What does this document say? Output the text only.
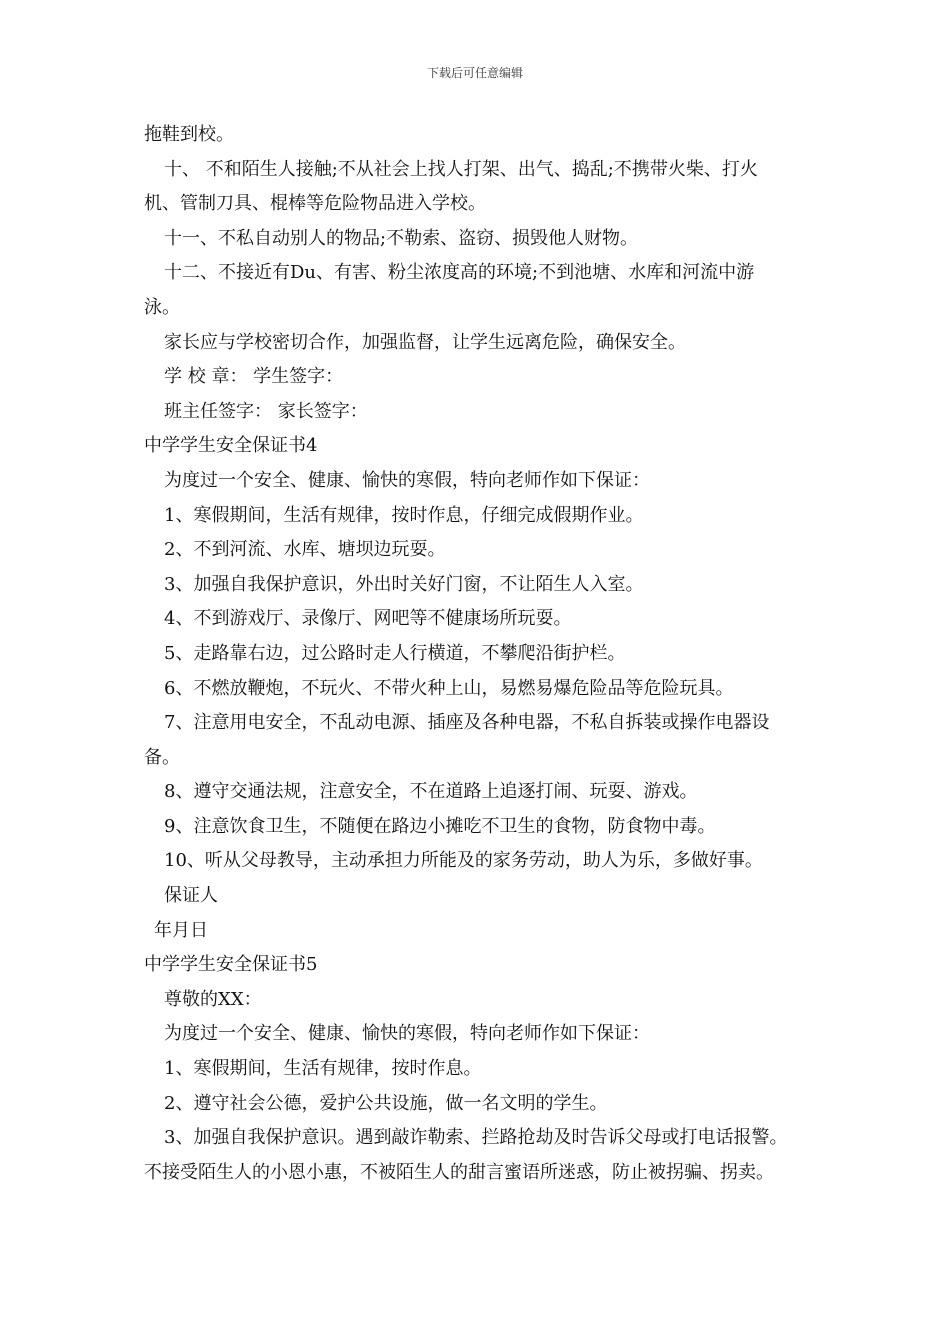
下载后可任意编辑
拖鞋到校。
十、 不和陌生人接触;不从社会上找人打架、出气、捣乱;不携带火柴、打火
机、管制刀具、棍棒等危险物品进入学校。
十一、不私自动别人的物品;不勒索、盗窃、损毁他人财物。
十二、不接近有Du、有害、粉尘浓度高的环境;不到池塘、水库和河流中游
泳。
家长应与学校密切合作，加强监督，让学生远离危险，确保安全。
学 校 章： 学生签字：
班主任签字： 家长签字：
中学学生安全保证书4
为度过一个安全、健康、愉快的寒假，特向老师作如下保证：
1、寒假期间，生活有规律，按时作息，仔细完成假期作业。
2、不到河流、水库、塘坝边玩耍。
3、加强自我保护意识，外出时关好门窗，不让陌生人入室。
4、不到游戏厅、录像厅、网吧等不健康场所玩耍。
5、走路靠右边，过公路时走人行横道，不攀爬沿街护栏。
6、不燃放鞭炮，不玩火、不带火种上山，易燃易爆危险品等危险玩具。
7、注意用电安全，不乱动电源、插座及各种电器，不私自拆装或操作电器设
备。
8、遵守交通法规，注意安全，不在道路上追逐打闹、玩耍、游戏。
9、注意饮食卫生，不随便在路边小摊吃不卫生的食物，防食物中毒。
10、听从父母教导，主动承担力所能及的家务劳动，助人为乐，多做好事。
保证人
年月日
中学学生安全保证书5
尊敬的XX：
为度过一个安全、健康、愉快的寒假，特向老师作如下保证：
1、寒假期间，生活有规律，按时作息。
2、遵守社会公德，爱护公共设施，做一名文明的学生。
3、加强自我保护意识。遇到敲诈勒索、拦路抢劫及时告诉父母或打电话报警。
不接受陌生人的小恩小惠，不被陌生人的甜言蜜语所迷惑，防止被拐骗、拐卖。
